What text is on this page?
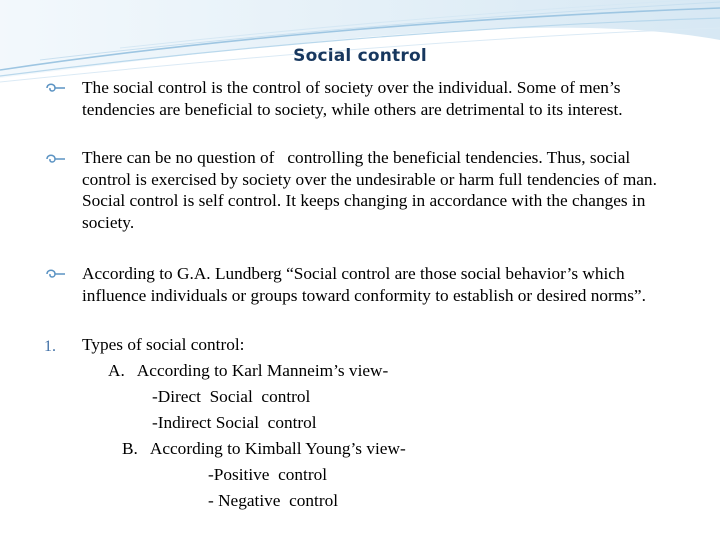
Social control

The social control is the control of society over the individual. Some of men’s tendencies are beneficial to society, while others are detrimental to its interest.

There can be no question of   controlling the beneficial tendencies. Thus, social control is exercised by society over the undesirable or harm full tendencies of man. Social control is self control. It keeps changing in accordance with the changes in society.

According to G.A. Lundberg “Social control are those social behavior’s which influence individuals or groups toward conformity to establish or desired norms”.

1. Types of social control:
A.   According to Karl Manneim’s view-
-Direct  Social  control
-Indirect Social  control
B.   According to Kimball Young’s view-
-Positive  control
- Negative  control
